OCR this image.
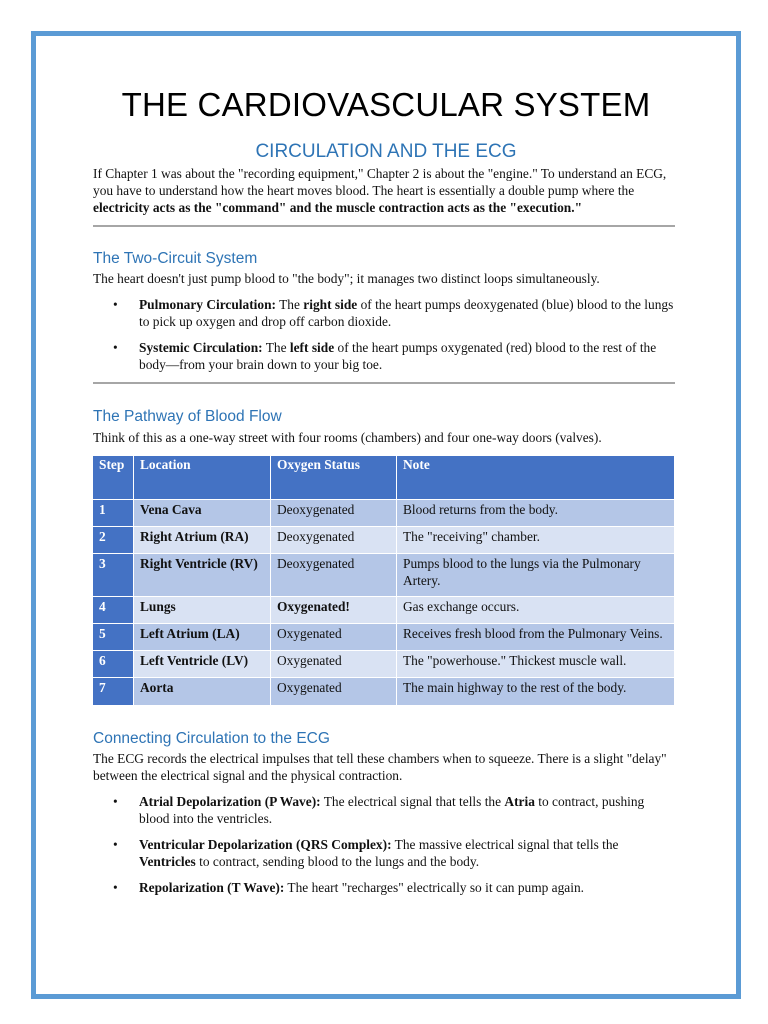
THE CARDIOVASCULAR SYSTEM
CIRCULATION AND THE ECG
If Chapter 1 was about the "recording equipment," Chapter 2 is about the "engine." To understand an ECG, you have to understand how the heart moves blood. The heart is essentially a double pump where the electricity acts as the "command" and the muscle contraction acts as the "execution."
The Two-Circuit System
The heart doesn't just pump blood to "the body"; it manages two distinct loops simultaneously.
• Pulmonary Circulation: The right side of the heart pumps deoxygenated (blue) blood to the lungs to pick up oxygen and drop off carbon dioxide.
• Systemic Circulation: The left side of the heart pumps oxygenated (red) blood to the rest of the body—from your brain down to your big toe.
The Pathway of Blood Flow
Think of this as a one-way street with four rooms (chambers) and four one-way doors (valves).
Step	Location	Oxygen Status	Note
1	Vena Cava	Deoxygenated	Blood returns from the body.
2	Right Atrium (RA)	Deoxygenated	The "receiving" chamber.
3	Right Ventricle (RV)	Deoxygenated	Pumps blood to the lungs via the Pulmonary Artery.
4	Lungs	Oxygenated!	Gas exchange occurs.
5	Left Atrium (LA)	Oxygenated	Receives fresh blood from the Pulmonary Veins.
6	Left Ventricle (LV)	Oxygenated	The "powerhouse." Thickest muscle wall.
7	Aorta	Oxygenated	The main highway to the rest of the body.
Connecting Circulation to the ECG
The ECG records the electrical impulses that tell these chambers when to squeeze. There is a slight "delay" between the electrical signal and the physical contraction.
• Atrial Depolarization (P Wave): The electrical signal that tells the Atria to contract, pushing blood into the ventricles.
• Ventricular Depolarization (QRS Complex): The massive electrical signal that tells the Ventricles to contract, sending blood to the lungs and the body.
• Repolarization (T Wave): The heart "recharges" electrically so it can pump again.
